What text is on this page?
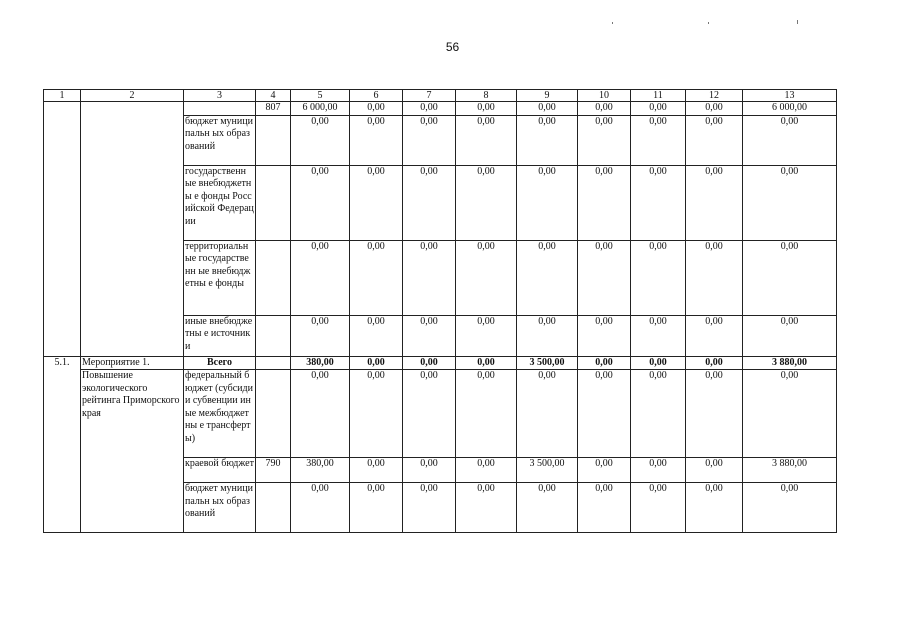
56
1	2	3	4	5	6	7	8	9	10	11	12	13
			807	6 000,00	0,00	0,00	0,00	0,00	0,00	0,00	0,00	6 000,00
		бюджет муниципальн ых образований		0,00	0,00	0,00	0,00	0,00	0,00	0,00	0,00	0,00
		государственн ые внебюджетны е фонды Российской Федерации		0,00	0,00	0,00	0,00	0,00	0,00	0,00	0,00	0,00
		территориальн ые государственн ые внебюджетны е фонды		0,00	0,00	0,00	0,00	0,00	0,00	0,00	0,00	0,00
		иные внебюджетны е источники		0,00	0,00	0,00	0,00	0,00	0,00	0,00	0,00	0,00
5.1.	Мероприятие 1.	Всего		380,00	0,00	0,00	0,00	3 500,00	0,00	0,00	0,00	3 880,00
	Повышение экологического рейтинга Приморского края	федеральный бюджет (субсидии субвенции иные межбюджетны е трансферты)		0,00	0,00	0,00	0,00	0,00	0,00	0,00	0,00	0,00
		краевой бюджет	790	380,00	0,00	0,00	0,00	3 500,00	0,00	0,00	0,00	3 880,00
		бюджет муниципальн ых образований		0,00	0,00	0,00	0,00	0,00	0,00	0,00	0,00	0,00
